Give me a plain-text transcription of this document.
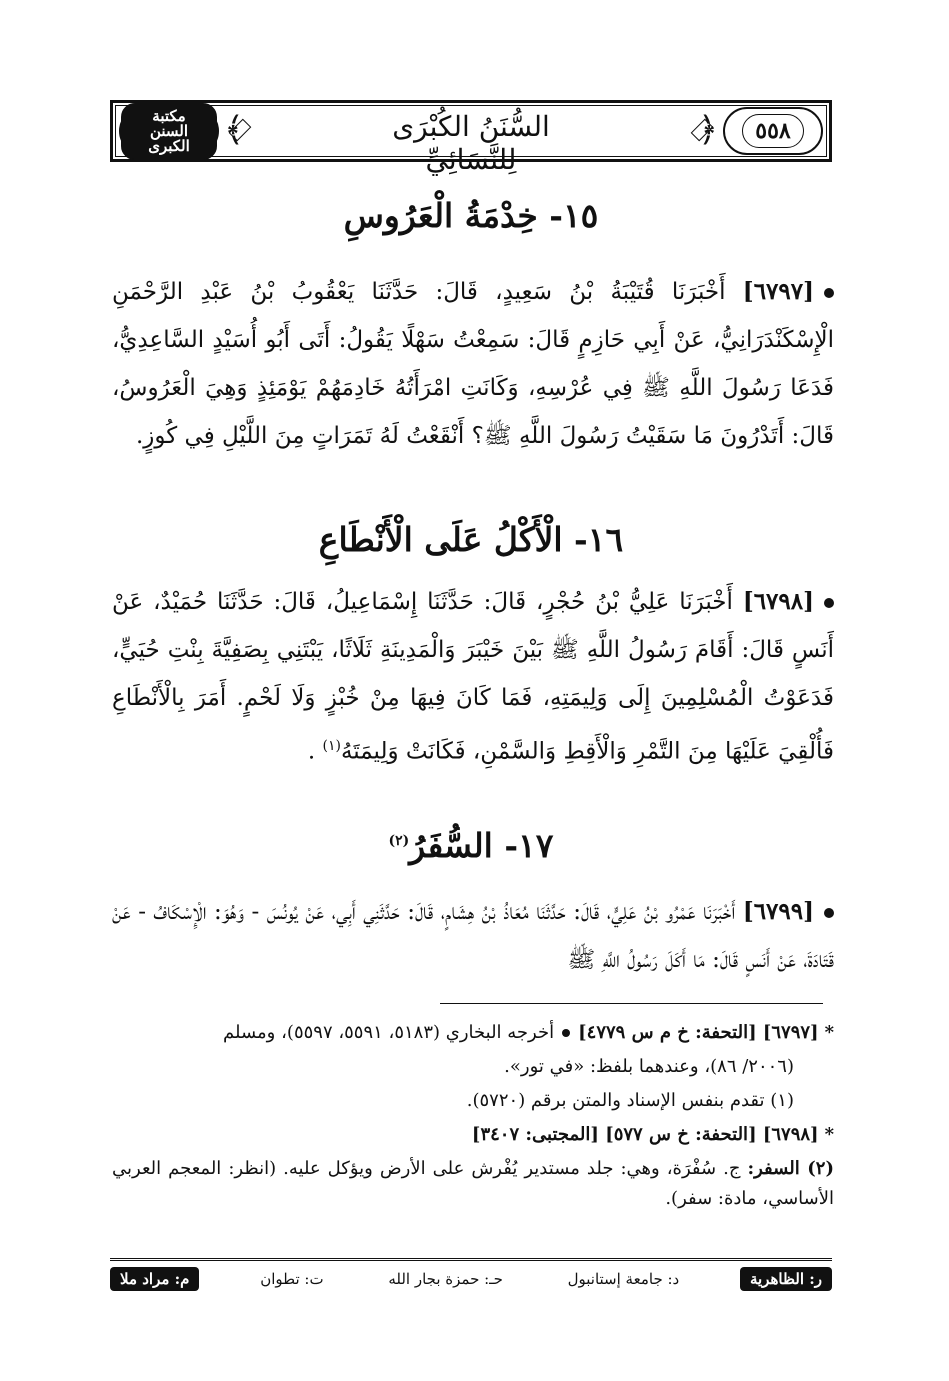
مكتبة السنن الكبرى	﴾	﴿
السُّنَنُ الكُبْرَى لِلنَّسَائِيِّ
٥٥٨
١٥- خِدْمَةُ الْعَرُوسِ
[٦٧٩٧] أَخْبَرَنَا قُتَيْبَةُ بْنُ سَعِيدٍ، قَالَ: حَدَّثَنَا يَعْقُوبُ بْنُ عَبْدِ الرَّحْمَنِ الْإِسْكَنْدَرَانِيُّ، عَنْ أَبِي حَازِمٍ قَالَ: سَمِعْتُ سَهْلًا يَقُولُ: أَتَى أَبُو أُسَيْدٍ السَّاعِدِيُّ، فَدَعَا رَسُولَ اللَّهِ ﷺ فِي عُرْسِهِ، وَكَانَتِ امْرَأَتُهُ خَادِمَهُمْ يَوْمَئِذٍ وَهِيَ الْعَرُوسُ، قَالَ: أَتَدْرُونَ مَا سَقَيْتُ رَسُولَ اللَّهِ ﷺ؟ أَنْقَعْتُ لَهُ تَمَرَاتٍ مِنَ اللَّيْلِ فِي كُوزٍ.
١٦- الْأَكْلُ عَلَى الْأَنْطَاعِ
[٦٧٩٨] أَخْبَرَنَا عَلِيُّ بْنُ حُجْرٍ، قَالَ: حَدَّثَنَا إِسْمَاعِيلُ، قَالَ: حَدَّثَنَا حُمَيْدٌ، عَنْ أَنَسٍ قَالَ: أَقَامَ رَسُولُ اللَّهِ ﷺ بَيْنَ خَيْبَرَ وَالْمَدِينَةِ ثَلَاثًا، يَبْتَنِي بِصَفِيَّةَ بِنْتِ حُيَيٍّ، فَدَعَوْتُ الْمُسْلِمِينَ إِلَى وَلِيمَتِهِ، فَمَا كَانَ فِيهَا مِنْ خُبْزٍ وَلَا لَحْمٍ. أَمَرَ بِالْأَنْطَاعِ فَأُلْقِيَ عَلَيْهَا مِنَ التَّمْرِ وَالْأَقِطِ وَالسَّمْنِ، فَكَانَتْ وَلِيمَتَهُ$^{(١)}$ .
١٧- السُّفَرُ$^{(٢)}$
[٦٧٩٩] أَخْبَرَنَا عَمْرُو بْنُ عَلِيٍّ، قَالَ: حَدَّثَنَا مُعَاذُ بْنُ هِشَامٍ، قَالَ: حَدَّثَنِي أَبِي، عَنْ يُونُسَ - وَهُوَ: الْإِسْكَافُ - عَنْ قَتَادَةَ، عَنْ أَنَسٍ قَالَ: مَا أَكَلَ رَسُولُ اللَّهِ ﷺ

*[٦٧٩٧] [التحفة: خ م س ٤٧٧٩]أخرجه البخاري (٥١٨٣، ٥٥٩١، ٥٥٩٧)، ومسلم

(٢٠٠٦/ ٨٦)، وعندهما بلفظ: «في تور».

(١) تقدم بنفس الإسناد والمتن برقم (٥٧٢٠).

*[٦٧٩٨] [التحفة: خ س ٥٧٧] [المجتبى: ٣٤٠٧]

(٢) السفر: ج. سُفْرَة، وهي: جلد مستدير يُفْرش على الأرض ويؤكل عليه. (انظر: المعجم العربي الأساسي، مادة: سفر).

م: مراد ملا	ت: تطوان	حـ: حمزة بجار الله	د: جامعة إستانبول	ر: الظاهرية
